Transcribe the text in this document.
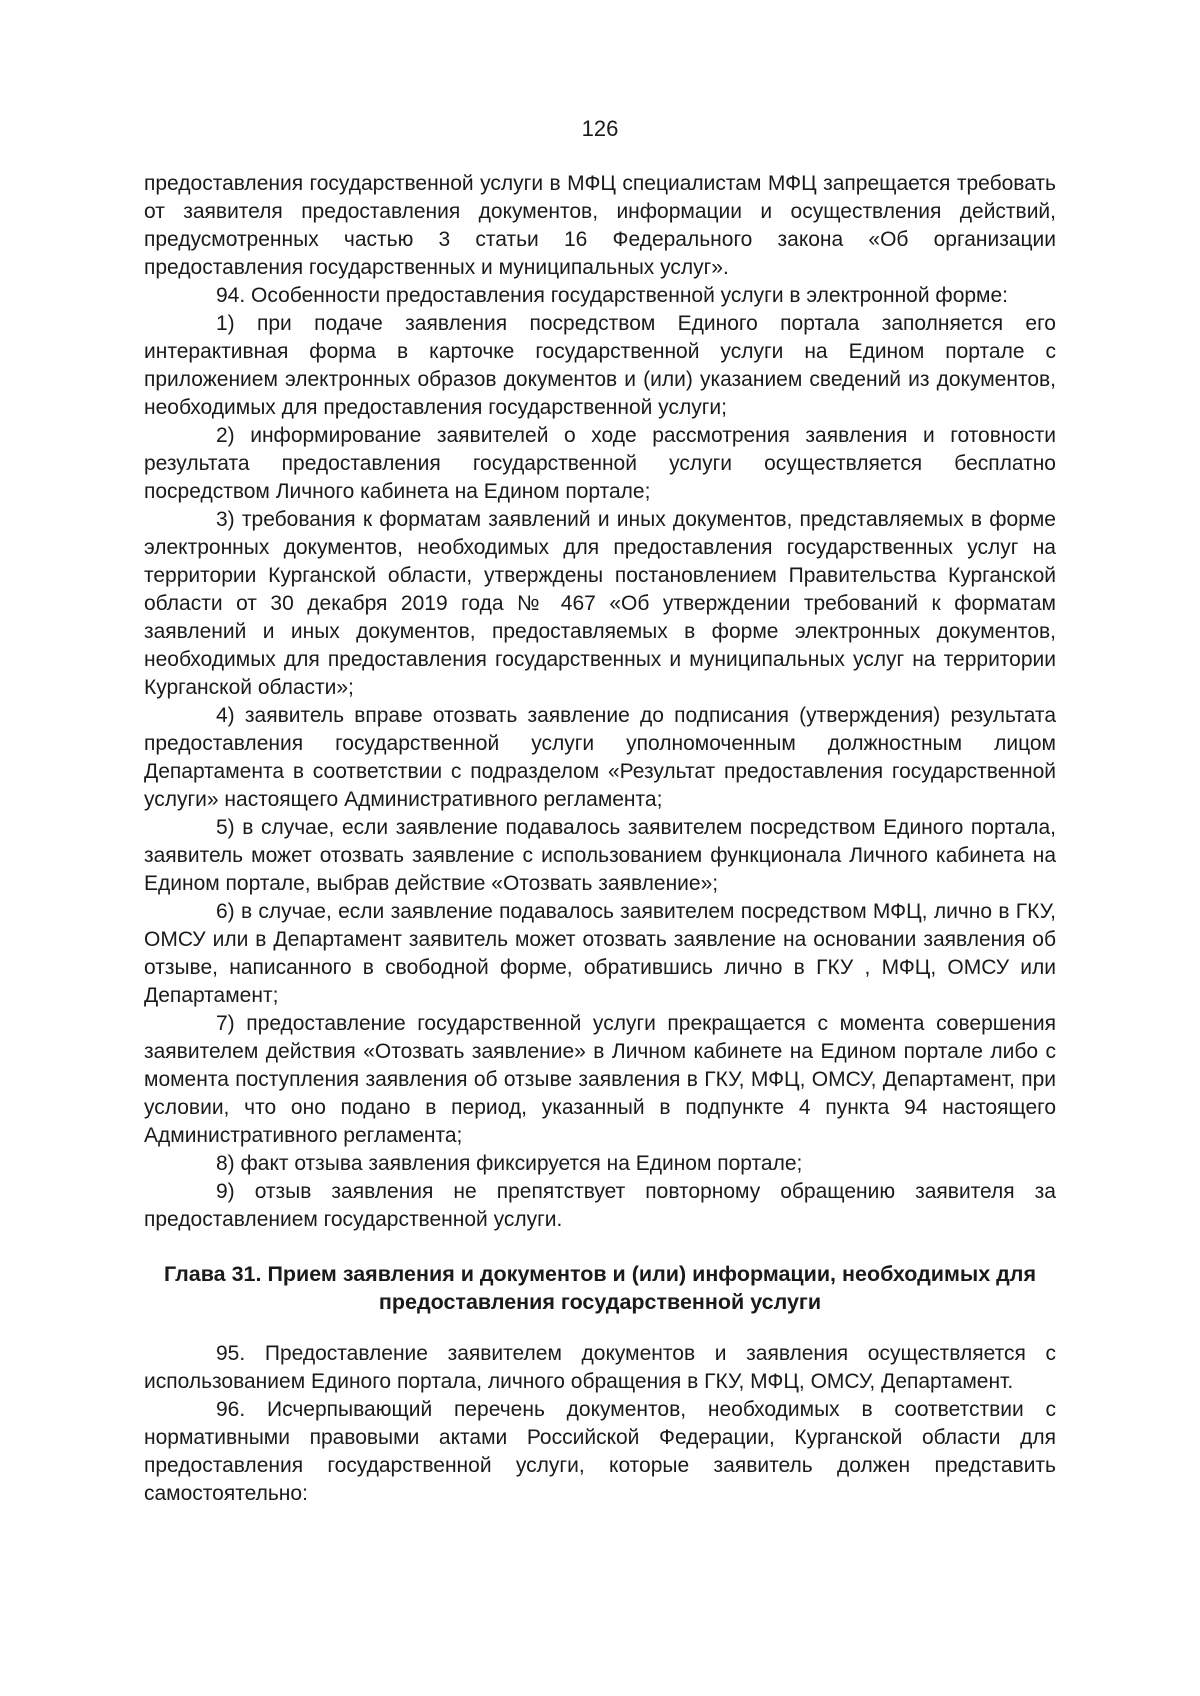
126

предоставления государственной услуги в МФЦ специалистам МФЦ запрещается требовать от заявителя предоставления документов, информации и осуществления действий, предусмотренных частью 3 статьи 16 Федерального закона «Об организации предоставления государственных и муниципальных услуг».

94. Особенности предоставления государственной услуги в электронной форме:

1) при подаче заявления посредством Единого портала заполняется его интерактивная форма в карточке государственной услуги на Едином портале с приложением электронных образов документов и (или) указанием сведений из документов, необходимых для предоставления государственной услуги;

2) информирование заявителей о ходе рассмотрения заявления и готовности результата предоставления государственной услуги осуществляется бесплатно посредством Личного кабинета на Едином портале;

3) требования к форматам заявлений и иных документов, представляемых в форме электронных документов, необходимых для предоставления государственных услуг на территории Курганской области, утверждены постановлением Правительства Курганской области от 30 декабря 2019 года № 467 «Об утверждении требований к форматам заявлений и иных документов, предоставляемых в форме электронных документов, необходимых для предоставления государственных и муниципальных услуг на территории Курганской области»;

4) заявитель вправе отозвать заявление до подписания (утверждения) результата предоставления государственной услуги уполномоченным должностным лицом Департамента в соответствии с подразделом «Результат предоставления государственной услуги» настоящего Административного регламента;

5) в случае, если заявление подавалось заявителем посредством Единого портала, заявитель может отозвать заявление с использованием функционала Личного кабинета на Едином портале, выбрав действие «Отозвать заявление»;

6) в случае, если заявление подавалось заявителем посредством МФЦ, лично в ГКУ, ОМСУ или в Департамент заявитель может отозвать заявление на основании заявления об отзыве, написанного в свободной форме, обратившись лично в ГКУ , МФЦ, ОМСУ или Департамент;

7) предоставление государственной услуги прекращается с момента совершения заявителем действия «Отозвать заявление» в Личном кабинете на Едином портале либо с момента поступления заявления об отзыве заявления в ГКУ, МФЦ, ОМСУ, Департамент, при условии, что оно подано в период, указанный в подпункте 4 пункта 94 настоящего Административного регламента;

8) факт отзыва заявления фиксируется на Едином портале;

9) отзыв заявления не препятствует повторному обращению заявителя за предоставлением государственной услуги.

Глава 31. Прием заявления и документов и (или) информации, необходимых для предоставления государственной услуги

95. Предоставление заявителем документов и заявления осуществляется с использованием Единого портала, личного обращения в ГКУ, МФЦ, ОМСУ, Департамент.

96. Исчерпывающий перечень документов, необходимых в соответствии с нормативными правовыми актами Российской Федерации, Курганской области для предоставления государственной услуги, которые заявитель должен представить самостоятельно:
